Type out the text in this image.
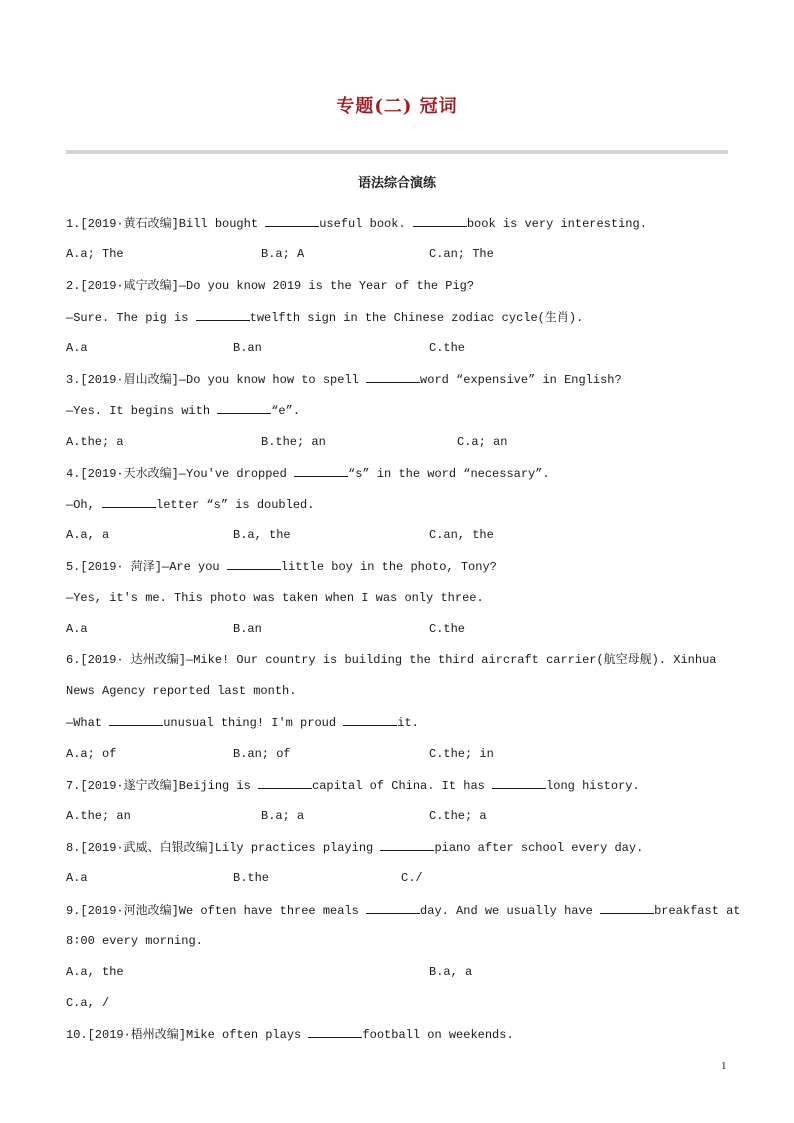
专题(二) 冠词
语法综合演练
1.[2019·黄石改编]Bill bought	useful book.	book is very interesting.
A.a; The	B.a; A	C.an; The
2.[2019·咸宁改编]—Do you know 2019 is the Year of the Pig?
—Sure. The pig is	twelfth sign in the Chinese zodiac cycle(生肖).
A.a	B.an	C.the
3.[2019·眉山改编]—Do you know how to spell	word “expensive” in English?
—Yes. It begins with	“e”.
A.the; a	B.the; an	C.a; an
4.[2019·天水改编]—You've dropped	“s” in the word “necessary”.
—Oh,	letter “s” is doubled.
A.a, a	B.a, the	C.an, the
5.[2019· 菏泽]—Are you	little boy in the photo, Tony?
—Yes, it's me. This photo was taken when I was only three.
A.a	B.an	C.the
6.[2019· 达州改编]—Mike! Our country is building the third aircraft carrier(航空母舰). Xinhua
News Agency reported last month.
—What	unusual thing! I'm proud	it.
A.a; of	B.an; of	C.the; in
7.[2019·遂宁改编]Beijing is	capital of China. It has	long history.
A.the; an	B.a; a	C.the; a
8.[2019·武威、白银改编]Lily practices playing	piano after school every day.
A.a	B.the	C./
9.[2019·河池改编]We often have three meals	day. And we usually have	breakfast at
8∶00 every morning.
A.a, the	B.a, a
C.a, /
10.[2019·梧州改编]Mike often plays	football on weekends.
1
